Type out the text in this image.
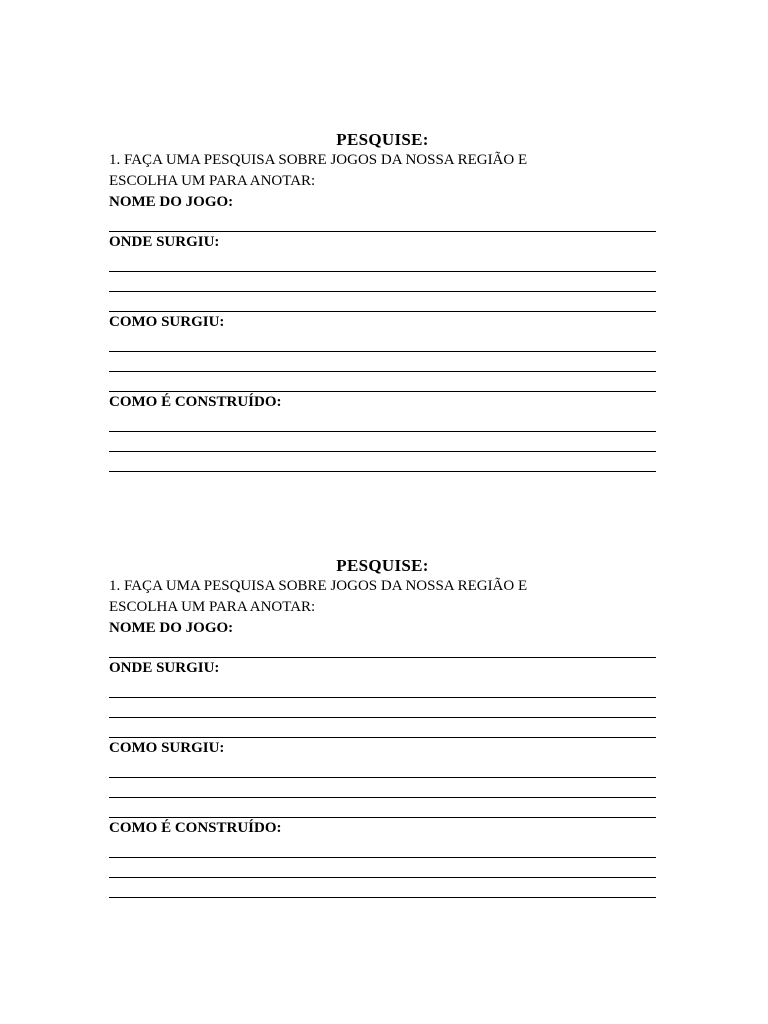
PESQUISE:
1. FAÇA UMA PESQUISA SOBRE JOGOS DA NOSSA REGIÃO E
ESCOLHA UM PARA ANOTAR:
NOME DO JOGO:
ONDE SURGIU:
COMO SURGIU:
COMO É CONSTRUÍDO:
PESQUISE:
1. FAÇA UMA PESQUISA SOBRE JOGOS DA NOSSA REGIÃO E
ESCOLHA UM PARA ANOTAR:
NOME DO JOGO:
ONDE SURGIU:
COMO SURGIU:
COMO É CONSTRUÍDO:
